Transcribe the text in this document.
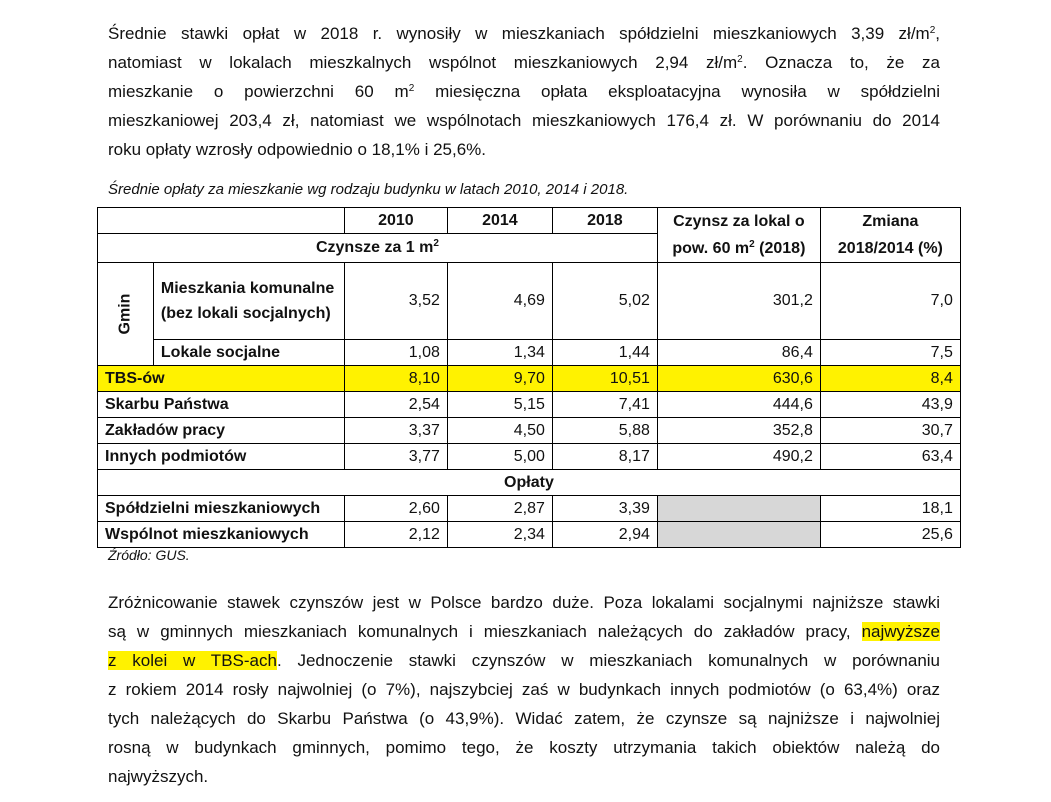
Średnie stawki opłat w 2018 r. wynosiły w mieszkaniach spółdzielni mieszkaniowych 3,39 $zł/m^2$,
natomiast w lokalach mieszkalnych wspólnot mieszkaniowych 2,94 $zł/m^2$. Oznacza to, że za
mieszkanie o powierzchni 60 $m^2$ miesięczna opłata eksploatacyjna wynosiła w spółdzielni
mieszkaniowej 203,4 zł, natomiast we wspólnotach mieszkaniowych 176,4 zł. W porównaniu do 2014
roku opłaty wzrosły odpowiednio o 18,1% i 25,6%.
Średnie opłaty za mieszkanie wg rodzaju budynku w latach 2010, 2014 i 2018.
		2010	2014	2018	Czynsz za lokal o
pow. 60 $m^2$ (2018)	Zmiana
2018/2014 (%)
Czynsze za 1 $m^2$
Gmin	Mieszkania komunalne (bez lokali socjalnych)	3,52	4,69	5,02	301,2	7,0
	Lokale socjalne	1,08	1,34	1,44	86,4	7,5
TBS-ów		8,10	9,70	10,51	630,6	8,4
Skarbu Państwa		2,54	5,15	7,41	444,6	43,9
Zakładów pracy		3,37	4,50	5,88	352,8	30,7
Innych podmiotów		3,77	5,00	8,17	490,2	63,4
Opłaty						
Spółdzielni mieszkaniowych		2,60	2,87	3,39		18,1
Wspólnot mieszkaniowych		2,12	2,34	2,94		25,6
Źródło: GUS.
Zróżnicowanie stawek czynszów jest w Polsce bardzo duże. Poza lokalami socjalnymi najniższe stawki
są w gminnych mieszkaniach komunalnych i mieszkaniach należących do zakładów pracy, najwyższe
z kolei w TBS-ach. Jednoczenie stawki czynszów w mieszkaniach komunalnych w porównaniu
z rokiem 2014 rosły najwolniej (o 7%), najszybciej zaś w budynkach innych podmiotów (o 63,4%) oraz
tych należących do Skarbu Państwa (o 43,9%). Widać zatem, że czynsze są najniższe i najwolniej
rosną w budynkach gminnych, pomimo tego, że koszty utrzymania takich obiektów należą do
najwyższych.
